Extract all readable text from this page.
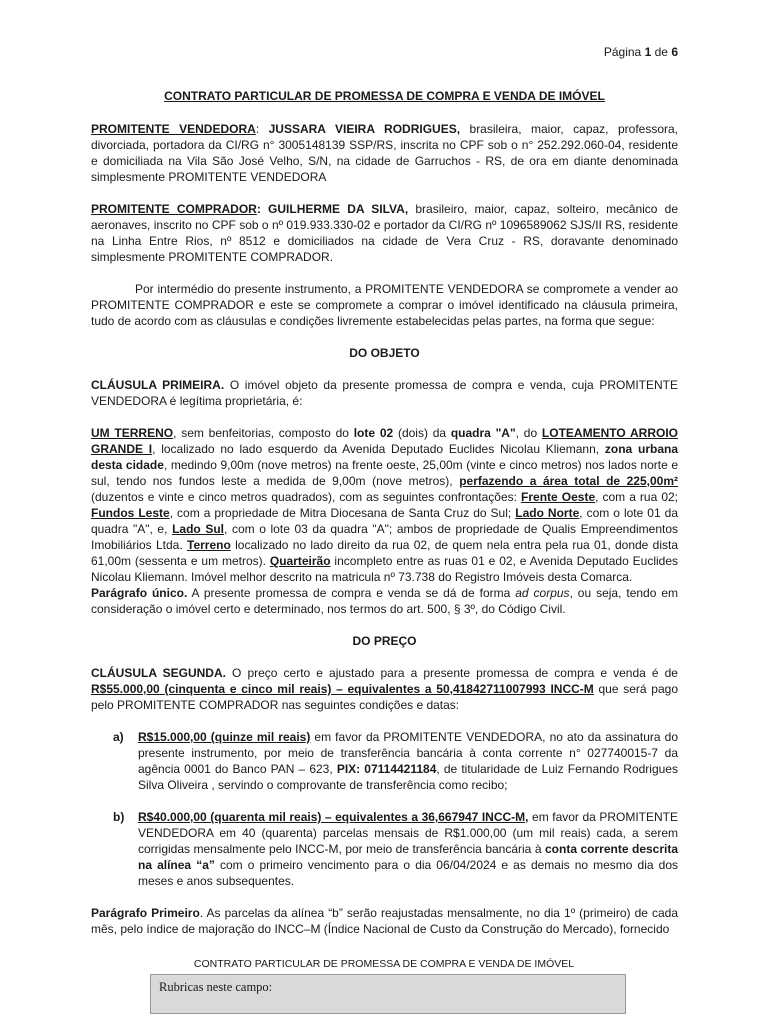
Página 1 de 6

CONTRATO PARTICULAR DE PROMESSA DE COMPRA E VENDA DE IMÓVEL

PROMITENTE VENDEDORA: JUSSARA VIEIRA RODRIGUES, brasileira, maior, capaz, professora, divorciada, portadora da CI/RG n° 3005148139 SSP/RS, inscrita no CPF sob o n° 252.292.060-04, residente e domiciliada na Vila São José Velho, S/N, na cidade de Garruchos - RS, de ora em diante denominada simplesmente PROMITENTE VENDEDORA

PROMITENTE COMPRADOR: GUILHERME DA SILVA, brasileiro, maior, capaz, solteiro, mecânico de aeronaves, inscrito no CPF sob o nº 019.933.330-02 e portador da CI/RG nº 1096589062 SJS/II RS, residente na Linha Entre Rios, nº 8512 e domiciliados na cidade de Vera Cruz - RS, doravante denominado simplesmente PROMITENTE COMPRADOR.

Por intermédio do presente instrumento, a PROMITENTE VENDEDORA se compromete a vender ao PROMITENTE COMPRADOR e este se compromete a comprar o imóvel identificado na cláusula primeira, tudo de acordo com as cláusulas e condições livremente estabelecidas pelas partes, na forma que segue:

DO OBJETO

CLÁUSULA PRIMEIRA. O imóvel objeto da presente promessa de compra e venda, cuja PROMITENTE VENDEDORA é legítima proprietária, é:

UM TERRENO, sem benfeitorias, composto do lote 02 (dois) da quadra "A", do LOTEAMENTO ARROIO GRANDE I, localizado no lado esquerdo da Avenida Deputado Euclides Nicolau Kliemann, zona urbana desta cidade, medindo 9,00m (nove metros) na frente oeste, 25,00m (vinte e cinco metros) nos lados norte e sul, tendo nos fundos leste a medida de 9,00m (nove metros), perfazendo a área total de 225,00m² (duzentos e vinte e cinco metros quadrados), com as seguintes confrontações: Frente Oeste, com a rua 02; Fundos Leste, com a propriedade de Mitra Diocesana de Santa Cruz do Sul; Lado Norte, com o lote 01 da quadra "A", e, Lado Sul, com o lote 03 da quadra "A"; ambos de propriedade de Qualis Empreendimentos Imobiliários Ltda. Terreno localizado no lado direito da rua 02, de quem nela entra pela rua 01, donde dista 61,00m (sessenta e um metros). Quarteirão incompleto entre as ruas 01 e 02, e Avenida Deputado Euclides Nicolau Kliemann. Imóvel melhor descrito na matricula nº 73.738 do Registro Imóveis desta Comarca.

Parágrafo único. A presente promessa de compra e venda se dá de forma ad corpus, ou seja, tendo em consideração o imóvel certo e determinado, nos termos do art. 500, § 3º, do Código Civil.

DO PREÇO

CLÁUSULA SEGUNDA. O preço certo e ajustado para a presente promessa de compra e venda é de R$55.000,00 (cinquenta e cinco mil reais) – equivalentes a 50,41842711007993 INCC-M que será pago pelo PROMITENTE COMPRADOR nas seguintes condições e datas:

a) R$15.000,00 (quinze mil reais) em favor da PROMITENTE VENDEDORA, no ato da assinatura do presente instrumento, por meio de transferência bancária à conta corrente n° 027740015-7 da agência 0001 do Banco PAN – 623, PIX: 07114421184, de titularidade de Luiz Fernando Rodrigues Silva Oliveira , servindo o comprovante de transferência como recibo;
b) R$40.000,00 (quarenta mil reais) – equivalentes a 36,667947 INCC-M, em favor da PROMITENTE VENDEDORA em 40 (quarenta) parcelas mensais de R$1.000,00 (um mil reais) cada, a serem corrigidas mensalmente pelo INCC-M, por meio de transferência bancária à conta corrente descrita na alínea “a” com o primeiro vencimento para o dia 06/04/2024 e as demais no mesmo dia dos meses e anos subsequentes.

Parágrafo Primeiro. As parcelas da alínea “b” serão reajustadas mensalmente, no dia 1º (primeiro) de cada mês, pelo índice de majoração do INCC–M (Índice Nacional de Custo da Construção do Mercado), fornecido

CONTRATO PARTICULAR DE PROMESSA DE COMPRA E VENDA DE IMÓVEL
Rubricas neste campo:
